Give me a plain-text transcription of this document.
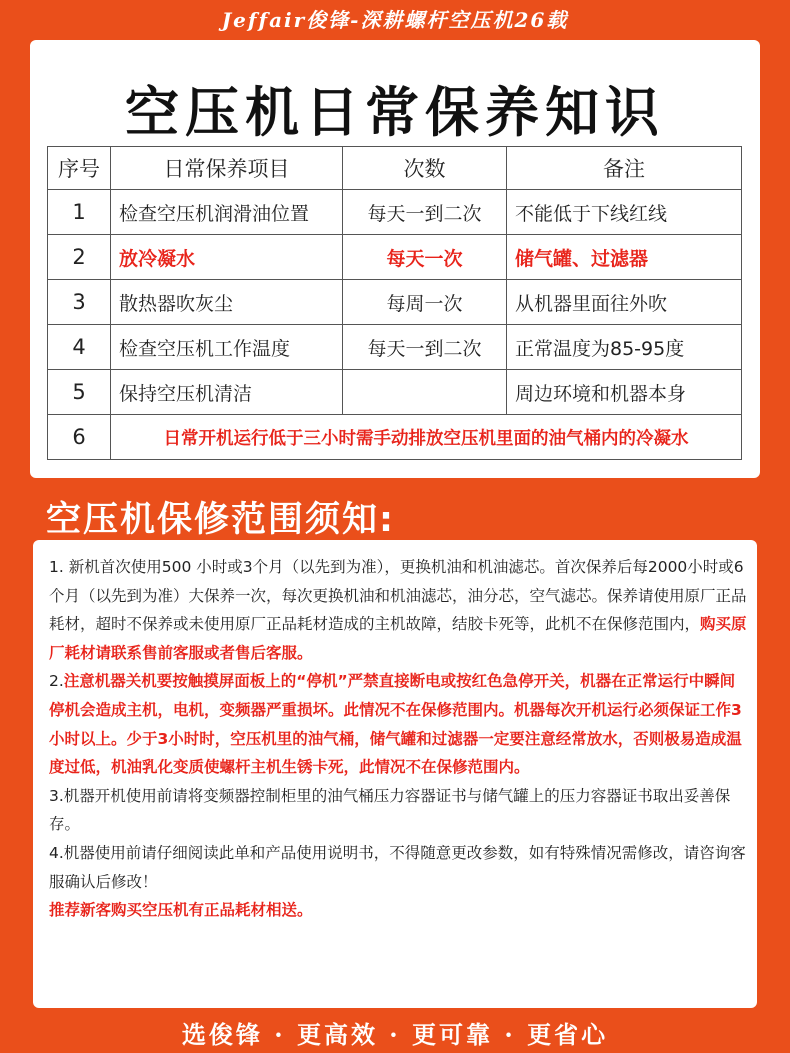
Jeffair俊锋-深耕螺杆空压机26载
空压机日常保养知识
序号	日常保养项目	次数	备注
1	检查空压机润滑油位置	每天一到二次	不能低于下线红线
2	放冷凝水	每天一次	储气罐、过滤器
3	散热器吹灰尘	每周一次	从机器里面往外吹
4	检查空压机工作温度	每天一到二次	正常温度为85-95度
5	保持空压机清洁		周边环境和机器本身
6	日常开机运行低于三小时需手动排放空压机里面的油气桶内的冷凝水		
空压机保修范围须知:

1. 新机首次使用500 小时或3个月（以先到为准），更换机油和机油滤芯。首次保养后每2000小时或6个月（以先到为准）大保养一次，每次更换机油和机油滤芯，油分芯，空气滤芯。保养请使用原厂正品耗材，超时不保养或未使用原厂正品耗材造成的主机故障，结胶卡死等，此机不在保修范围内，购买原厂耗材请联系售前客服或者售后客服。

2.注意机器关机要按触摸屏面板上的“停机”严禁直接断电或按红色急停开关，机器在正常运行中瞬间停机会造成主机，电机，变频器严重损坏。此情况不在保修范围内。机器每次开机运行必须保证工作3小时以上。少于3小时时，空压机里的油气桶，储气罐和过滤器一定要注意经常放水，否则极易造成温度过低，机油乳化变质使螺杆主机生锈卡死，此情况不在保修范围内。

3.机器开机使用前请将变频器控制柜里的油气桶压力容器证书与储气罐上的压力容器证书取出妥善保存。

4.机器使用前请仔细阅读此单和产品使用说明书，不得随意更改参数，如有特殊情况需修改，请咨询客服确认后修改！

推荐新客购买空压机有正品耗材相送。

选俊锋 · 更高效 · 更可靠 · 更省心
